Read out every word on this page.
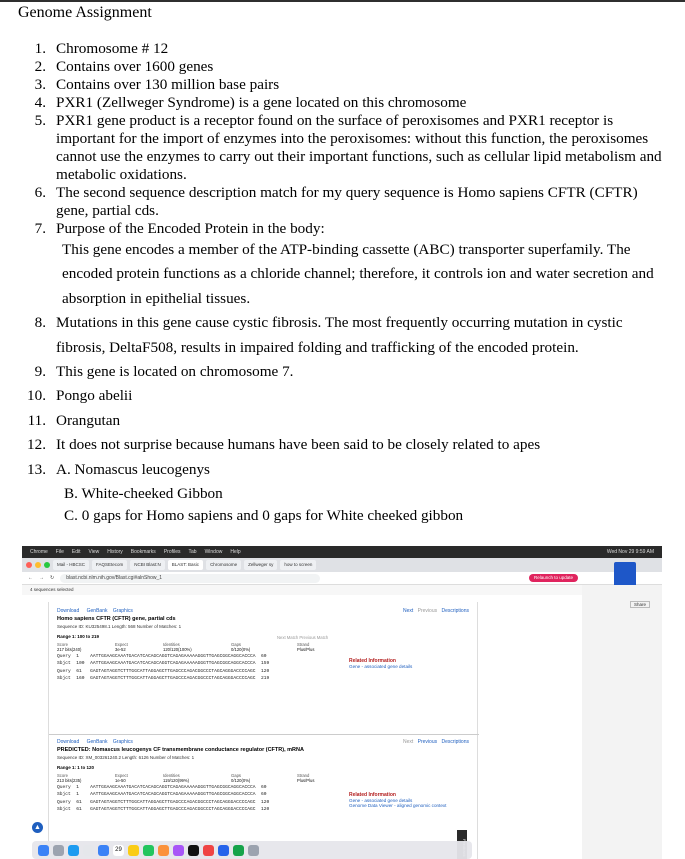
Genome Assignment
1. Chromosome # 12
2. Contains over 1600 genes
3. Contains over 130 million base pairs
4. PXR1 (Zellweger Syndrome) is a gene located on this chromosome
5. PXR1 gene product is a receptor found on the surface of peroxisomes and PXR1 receptor is important for the import of enzymes into the peroxisomes: without this function, the peroxisomes cannot use the enzymes to carry out their important functions, such as cellular lipid metabolism and metabolic oxidations.
6. The second sequence description match for my query sequence is Homo sapiens CFTR (CFTR) gene, partial cds.
7. Purpose of the Encoded Protein in the body:
This gene encodes a member of the ATP-binding cassette (ABC) transporter superfamily. The encoded protein functions as a chloride channel; therefore, it controls ion and water secretion and absorption in epithelial tissues.
8. Mutations in this gene cause cystic fibrosis. The most frequently occurring mutation in cystic fibrosis, DeltaF508, results in impaired folding and trafficking of the encoded protein.
9. This gene is located on chromosome 7.
10. Pongo abelii
11. Orangutan
12. It does not surprise because humans have been said to be closely related to apes
13. A. Nomascus leucogenys
B. White-cheeked Gibbon
C. 0 gaps for Homo sapiens and 0 gaps for White cheeked gibbon
Chrome File Edit View History Bookmarks Profiles Tab Window Help	Wed Nov 29 9:59 AM
Mail - HBCSC	FAQSEtecom	NCBI Blast:N	BLAST: Basic	Chromosome	Zellweger sy	how to screen
← → ↻	blast.ncbi.nlm.nih.gov/Blast.cgi#alnShow_1	Relaunch to update
4 sequences selected
Share
Download GenBank Graphics
Homo sapiens CFTR (CFTR) gene, partial cds
Sequence ID: KU325498.1 Length: 568 Number of Matches: 1
Range 1: 100 to 219
Score	Expect	Identities	Gaps	Strand
217 bits(240)	3e-52	120/120(100%)	0/120(0%)	Plus/Plus
Query  1    AATTGGAAGCAAATGACATCACAGCAGGTCAGAGAAAAAGGGTTGAGCGGCAGGCACCCA  60
Sbjct  100  AATTGGAAGCAAATGACATCACAGCAGGTCAGAGAAAAAGGGTTGAGCGGCAGGCACCCA  159
Query  61   GAGTAGTAGGTCTTTGGCATTAGGAGCTTGAGCCCAGACGGCCCTAGCAGGGACCCCAGC  120
Sbjct  160  GAGTAGTAGGTCTTTGGCATTAGGAGCTTGAGCCCAGACGGCCCTAGCAGGGACCCCAGC  219
Next Previous Descriptions
Next Match Previous Match
Related Information
Gene - associated gene details
Download GenBank Graphics
PREDICTED: Nomascus leucogenys CF transmembrane conductance regulator (CFTR), mRNA
Sequence ID: XM_003261240.2 Length: 6126 Number of Matches: 1
Range 1: 1 to 120
Score	Expect	Identities	Gaps	Strand
213 bits(235)	1e-50	119/120(99%)	0/120(0%)	Plus/Plus
Query  1    AATTGGAAGCAAATGACATCACAGCAGGTCAGAGAAAAAGGGTTGAGCGGCAGGCACCCA  60
Sbjct  1    AATTGGAAGCAAATGACATCACAGCAGGTCAGAGAAAAAGGGTTGAGCGGCAGGCACCCA  60
Query  61   GAGTAGTAGGTCTTTGGCATTAGGAGCTTGAGCCCAGACGGCCCTAGCAGGGACCCCAGC  120
Sbjct  61   GAGTAGTAGGTCTTTGGCATTAGGAGCTTGAGCCCAGACGGCCCTAGCAGGGACCCCAGC  120
Next Previous Descriptions
Related Information
Gene - associated gene details
Genome Data Viewer - aligned genomic context
▲
29
